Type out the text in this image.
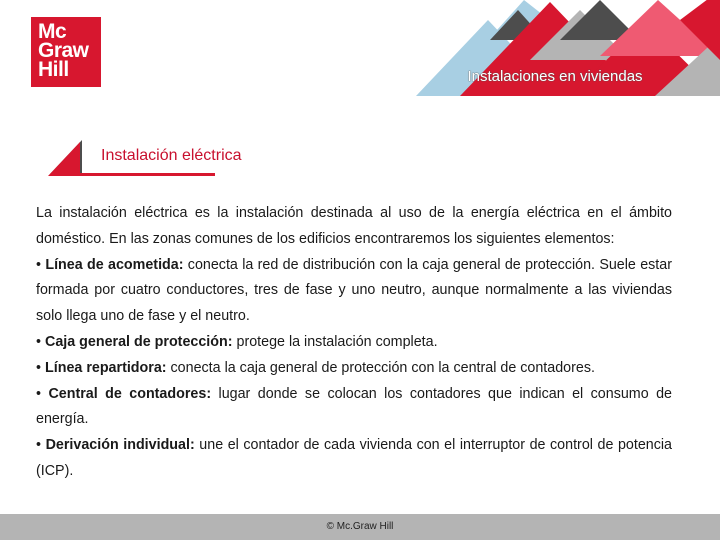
Mc
Graw
Hill	Instalaciones en viviendas
Instalación eléctrica

La instalación eléctrica es la instalación destinada al uso de la energía eléctrica en el ámbito doméstico. En las zonas comunes de los edificios encontraremos los siguientes elementos:

• Línea de acometida: conecta la red de distribución con la caja general de protección. Suele estar formada por cuatro conductores, tres de fase y uno neutro, aunque normalmente a las viviendas solo llega uno de fase y el neutro.

• Caja general de protección: protege la instalación completa.

• Línea repartidora: conecta la caja general de protección con la central de contadores.

• Central de contadores: lugar donde se colocan los contadores que indican el consumo de energía.

• Derivación individual: une el contador de cada vivienda con el interruptor de control de potencia (ICP).

© Mc.Graw Hill
